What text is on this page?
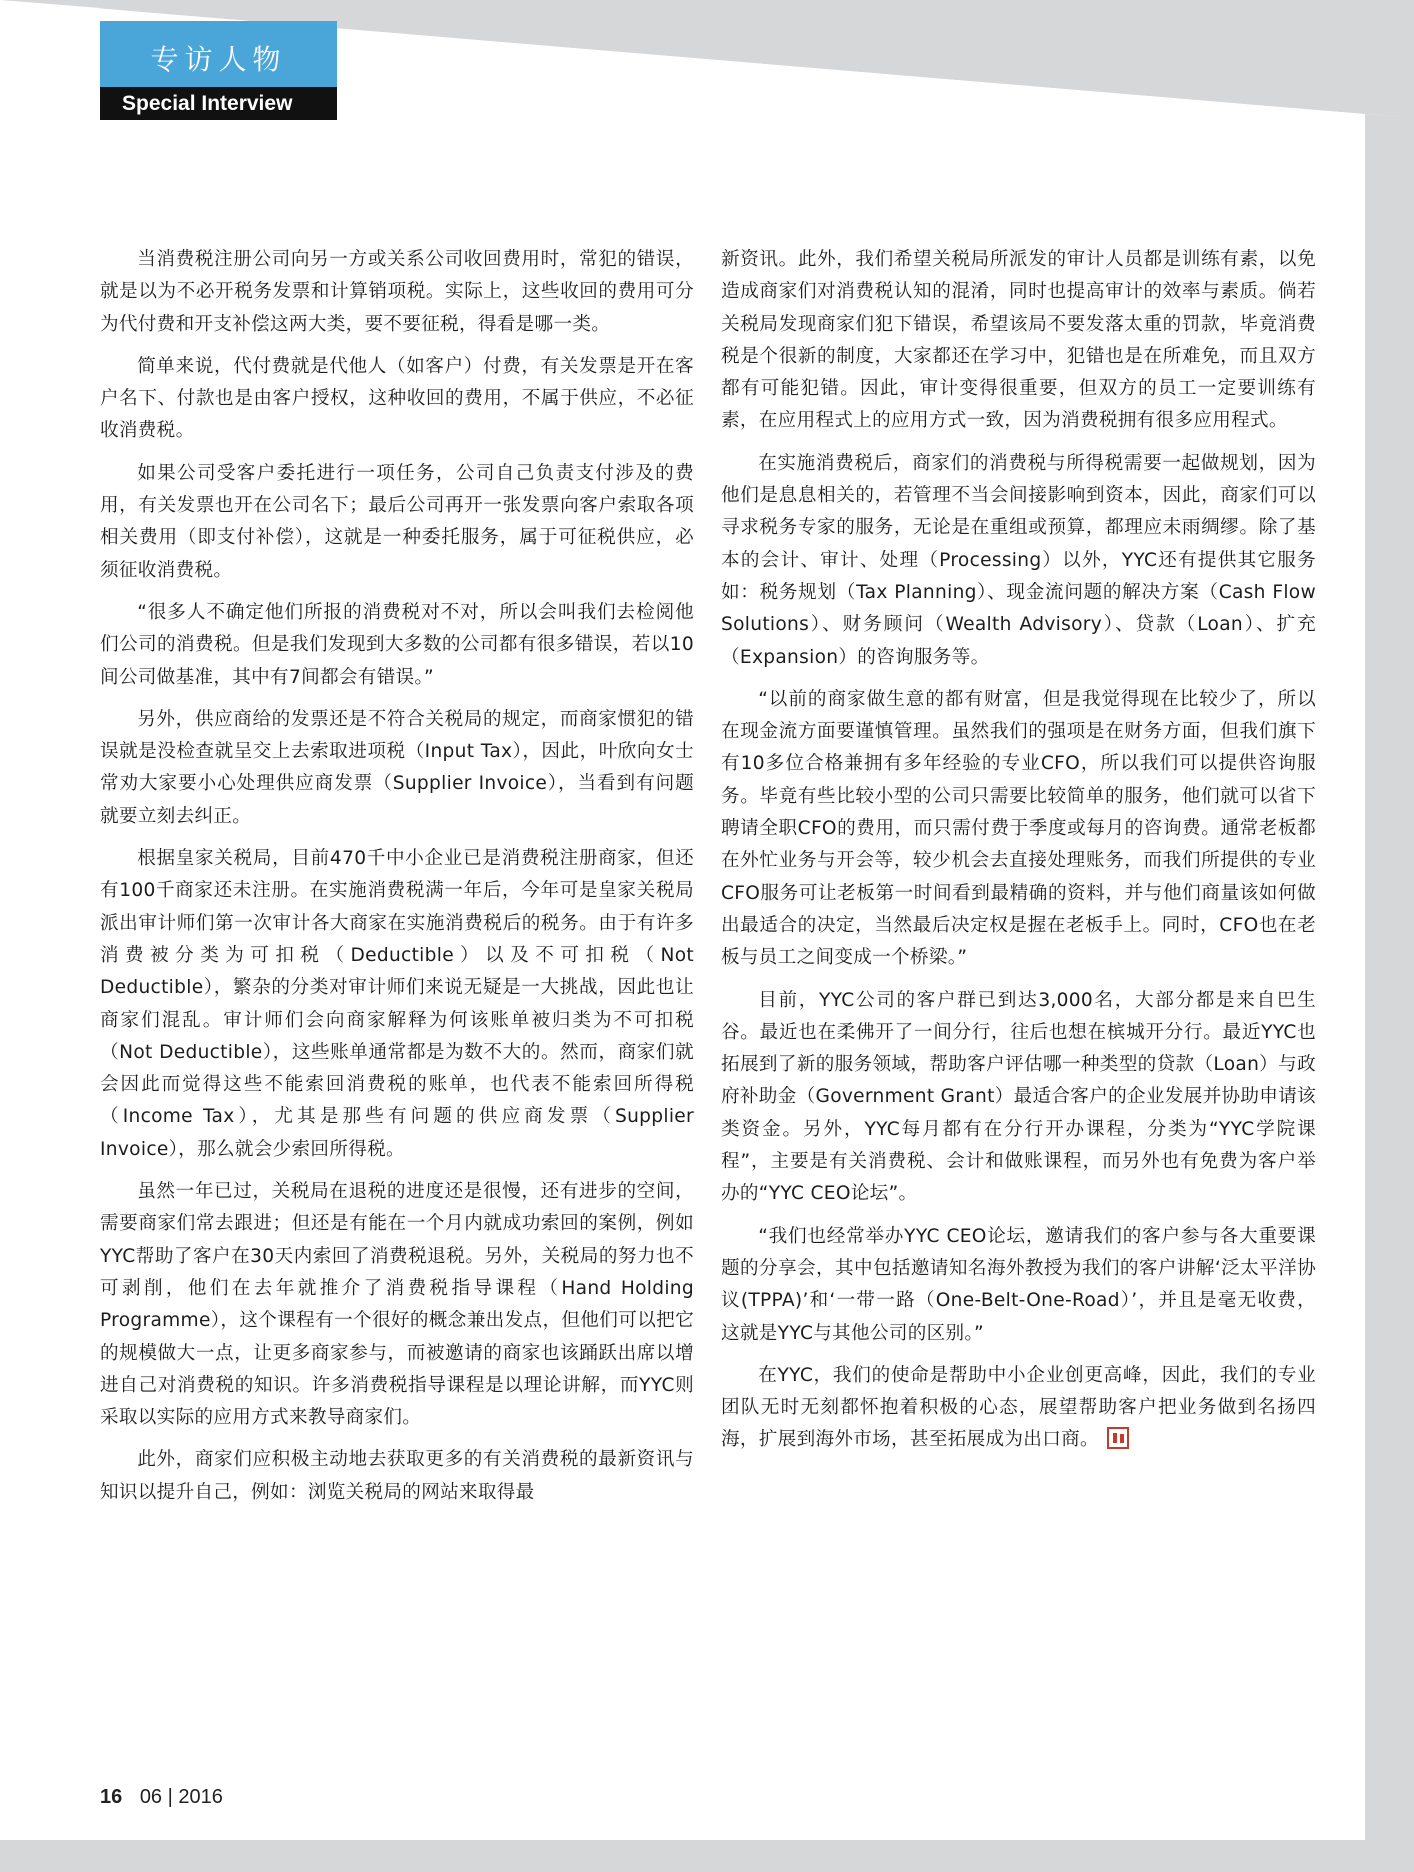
专访人物
Special Interview

当消费税注册公司向另一方或关系公司收回费用时，常犯的错误，就是以为不必开税务发票和计算销项税。实际上，这些收回的费用可分为代付费和开支补偿这两大类，要不要征税，得看是哪一类。

简单来说，代付费就是代他人（如客户）付费，有关发票是开在客户名下、付款也是由客户授权，这种收回的费用，不属于供应，不必征收消费税。

如果公司受客户委托进行一项任务，公司自己负责支付涉及的费用，有关发票也开在公司名下；最后公司再开一张发票向客户索取各项相关费用（即支付补偿），这就是一种委托服务，属于可征税供应，必须征收消费税。

“很多人不确定他们所报的消费税对不对，所以会叫我们去检阅他们公司的消费税。但是我们发现到大多数的公司都有很多错误，若以10间公司做基准，其中有7间都会有错误。”

另外，供应商给的发票还是不符合关税局的规定，而商家惯犯的错误就是没检查就呈交上去索取进项税（Input Tax），因此，叶欣向女士常劝大家要小心处理供应商发票（Supplier Invoice），当看到有问题就要立刻去纠正。

根据皇家关税局，目前470千中小企业已是消费税注册商家，但还有100千商家还未注册。在实施消费税满一年后，今年可是皇家关税局派出审计师们第一次审计各大商家在实施消费税后的税务。由于有许多消费被分类为可扣税（Deductible）以及不可扣税（Not Deductible），繁杂的分类对审计师们来说无疑是一大挑战，因此也让商家们混乱。审计师们会向商家解释为何该账单被归类为不可扣税（Not Deductible），这些账单通常都是为数不大的。然而，商家们就会因此而觉得这些不能索回消费税的账单，也代表不能索回所得税（Income Tax），尤其是那些有问题的供应商发票（Supplier Invoice），那么就会少索回所得税。

虽然一年已过，关税局在退税的进度还是很慢，还有进步的空间，需要商家们常去跟进；但还是有能在一个月内就成功索回的案例，例如YYC帮助了客户在30天内索回了消费税退税。另外，关税局的努力也不可剥削，他们在去年就推介了消费税指导课程（Hand Holding Programme），这个课程有一个很好的概念兼出发点，但他们可以把它的规模做大一点，让更多商家参与，而被邀请的商家也该踊跃出席以增进自己对消费税的知识。许多消费税指导课程是以理论讲解，而YYC则采取以实际的应用方式来教导商家们。

此外，商家们应积极主动地去获取更多的有关消费税的最新资讯与知识以提升自己，例如：浏览关税局的网站来取得最

新资讯。此外，我们希望关税局所派发的审计人员都是训练有素，以免造成商家们对消费税认知的混淆，同时也提高审计的效率与素质。倘若关税局发现商家们犯下错误，希望该局不要发落太重的罚款，毕竟消费税是个很新的制度，大家都还在学习中，犯错也是在所难免，而且双方都有可能犯错。因此，审计变得很重要，但双方的员工一定要训练有素，在应用程式上的应用方式一致，因为消费税拥有很多应用程式。

在实施消费税后，商家们的消费税与所得税需要一起做规划，因为他们是息息相关的，若管理不当会间接影响到资本，因此，商家们可以寻求税务专家的服务，无论是在重组或预算，都理应未雨绸缪。除了基本的会计、审计、处理（Processing）以外，YYC还有提供其它服务如：税务规划（Tax Planning）、现金流问题的解决方案（Cash Flow Solutions）、财务顾问（Wealth Advisory）、贷款（Loan）、扩充（Expansion）的咨询服务等。

“以前的商家做生意的都有财富，但是我觉得现在比较少了，所以在现金流方面要谨慎管理。虽然我们的强项是在财务方面，但我们旗下有10多位合格兼拥有多年经验的专业CFO，所以我们可以提供咨询服务。毕竟有些比较小型的公司只需要比较简单的服务，他们就可以省下聘请全职CFO的费用，而只需付费于季度或每月的咨询费。通常老板都在外忙业务与开会等，较少机会去直接处理账务，而我们所提供的专业CFO服务可让老板第一时间看到最精确的资料，并与他们商量该如何做出最适合的决定，当然最后决定权是握在老板手上。同时，CFO也在老板与员工之间变成一个桥梁。”

目前，YYC公司的客户群已到达3,000名，大部分都是来自巴生谷。最近也在柔佛开了一间分行，往后也想在槟城开分行。最近YYC也拓展到了新的服务领域，帮助客户评估哪一种类型的贷款（Loan）与政府补助金（Government Grant）最适合客户的企业发展并协助申请该类资金。另外，YYC每月都有在分行开办课程，分类为“YYC学院课程”，主要是有关消费税、会计和做账课程，而另外也有免费为客户举办的“YYC CEO论坛”。

“我们也经常举办YYC CEO论坛，邀请我们的客户参与各大重要课题的分享会，其中包括邀请知名海外教授为我们的客户讲解‘泛太平洋协议(TPPA)’和‘一带一路（One-Belt-One-Road）’，并且是毫无收费，这就是YYC与其他公司的区别。”

在YYC，我们的使命是帮助中小企业创更高峰，因此，我们的专业团队无时无刻都怀抱着积极的心态，展望帮助客户把业务做到名扬四海，扩展到海外市场，甚至拓展成为出口商。

16 06 | 2016
